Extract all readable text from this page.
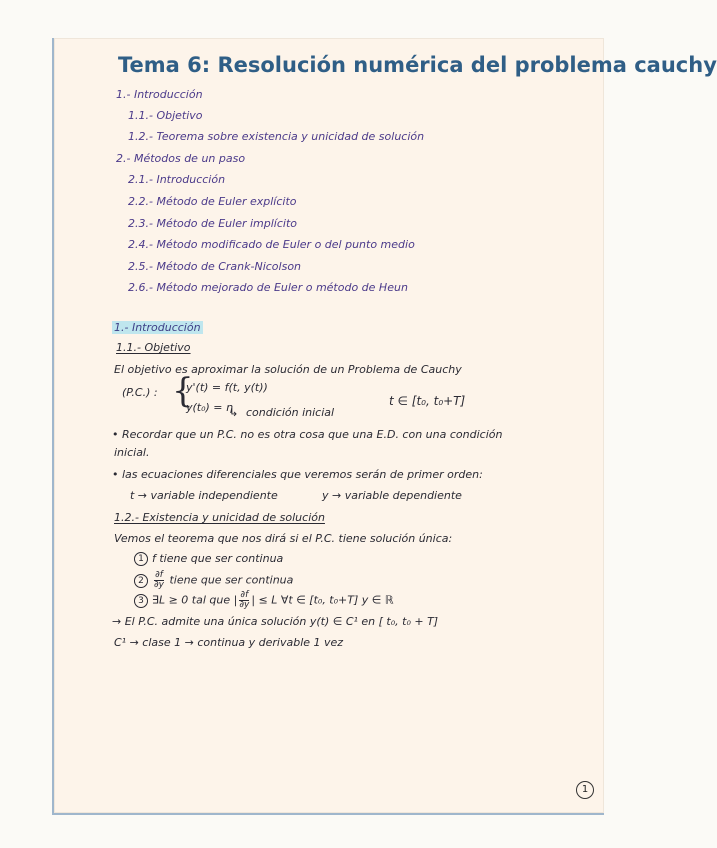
Tema 6: Resolución numérica del problema cauchy
1.- Introducción
1.1.- Objetivo
1.2.- Teorema sobre existencia y unicidad de solución
2.- Métodos de un paso
2.1.- Introducción
2.2.- Método de Euler explícito
2.3.- Método de Euler implícito
2.4.- Método modificado de Euler o del punto medio
2.5.- Método de Crank-Nicolson
2.6.- Método mejorado de Euler o método de Heun
1.- Introducción
1.1.- Objetivo
El objetivo es aproximar la solución de un Problema de Cauchy
(P.C.) : {
y'(t) = f(t, y(t))
y(t₀) = η
↳ condición inicial
t ∈ [t₀, t₀+T]
• Recordar que un P.C. no es otra cosa que una E.D. con una condición
inicial.
• las ecuaciones diferenciales que veremos serán de primer orden:
t → variable independiente	y → variable dependiente
1.2.- Existencia y unicidad de solución
Vemos el teorema que nos dirá si el P.C. tiene solución única:
1 f tiene que ser continua
$2 \frac{\partial f}{\partial y}$ tiene que ser continua
3 ∃L ≥ 0 tal que | $\frac{\partial f}{\partial y}$ | ≤ L ∀t ∈ [t₀, t₀+T] y ∈ ℝ
→ El P.C. admite una única solución y(t) ∈ C¹ en [ t₀, t₀ + T]
C¹ → clase 1 → continua y derivable 1 vez
1
